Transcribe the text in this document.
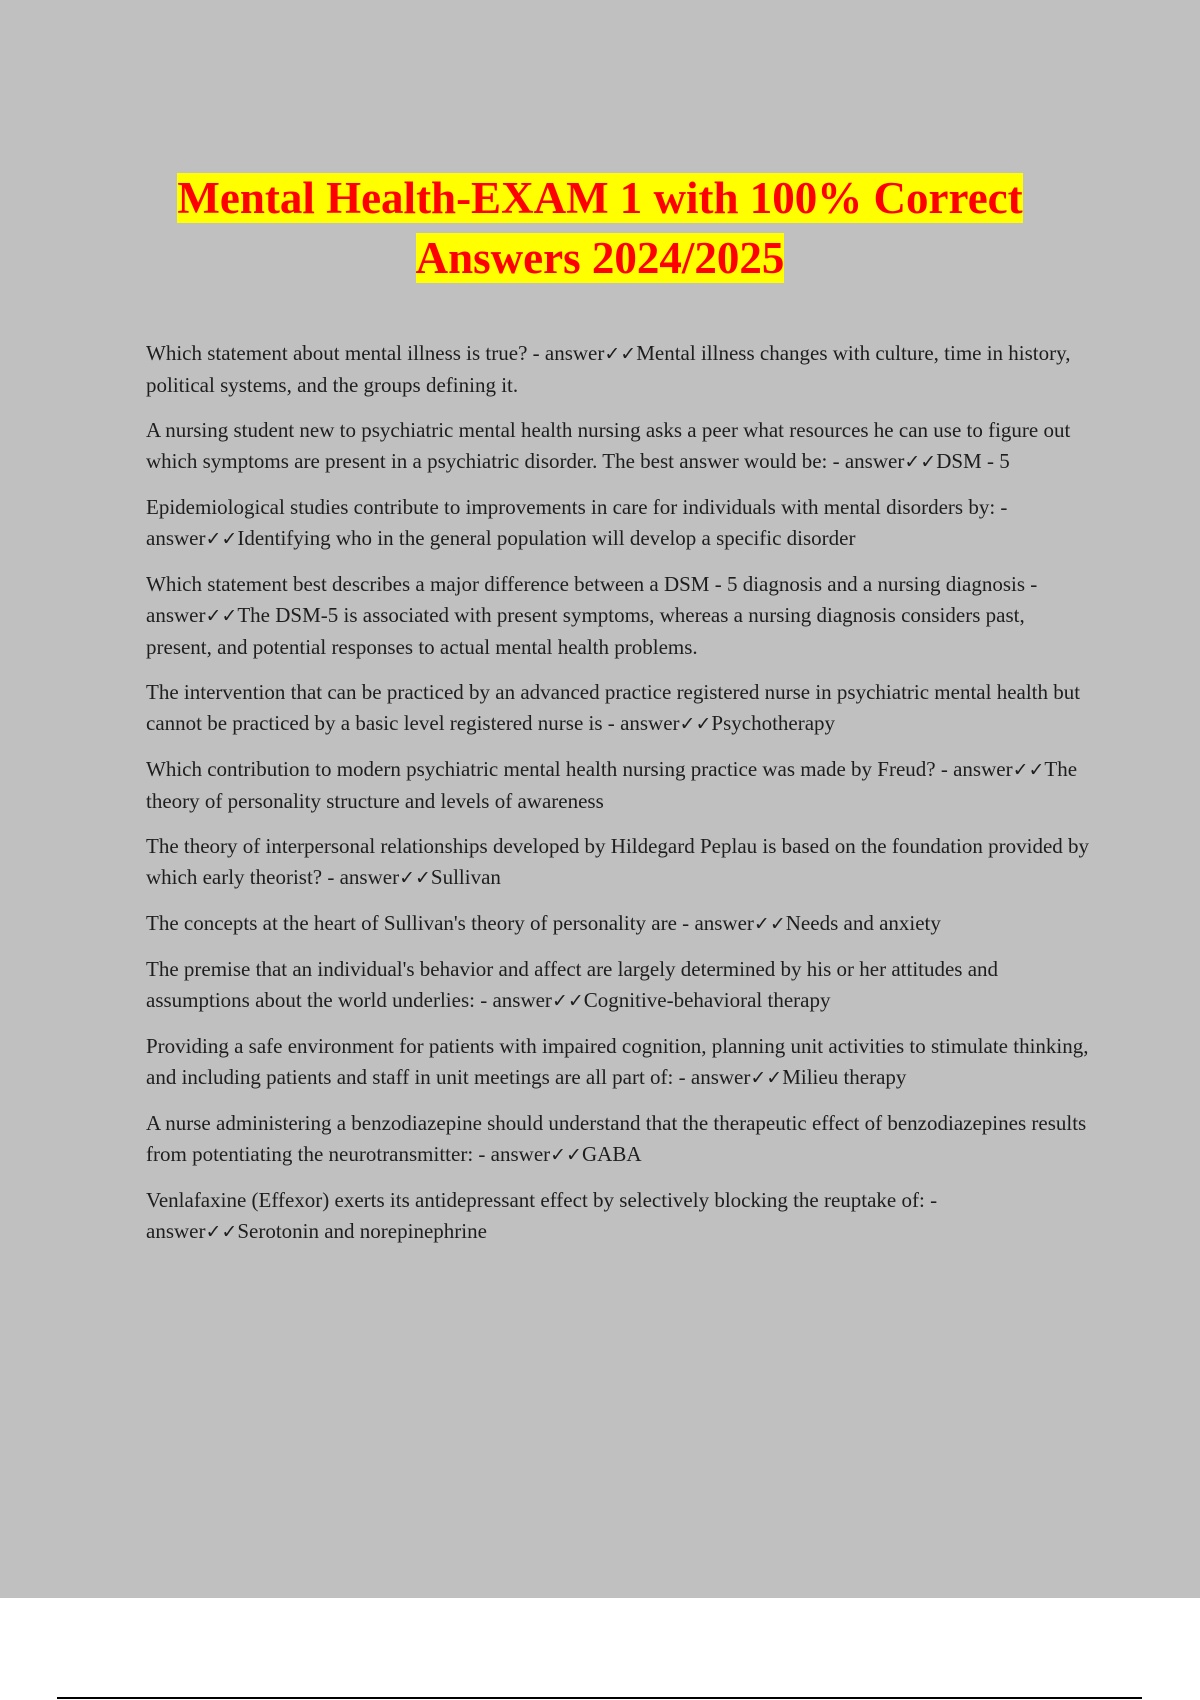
Mental Health-EXAM 1 with 100% Correct
Answers 2024/2025

Which statement about mental illness is true? - answer✓✓Mental illness changes with culture, time in history, political systems, and the groups defining it.

A nursing student new to psychiatric mental health nursing asks a peer what resources he can use to figure out which symptoms are present in a psychiatric disorder. The best answer would be: - answer✓✓DSM - 5

Epidemiological studies contribute to improvements in care for individuals with mental disorders by: - answer✓✓Identifying who in the general population will develop a specific disorder

Which statement best describes a major difference between a DSM - 5 diagnosis and a nursing diagnosis - answer✓✓The DSM-5 is associated with present symptoms, whereas a nursing diagnosis considers past, present, and potential responses to actual mental health problems.

The intervention that can be practiced by an advanced practice registered nurse in psychiatric mental health but cannot be practiced by a basic level registered nurse is - answer✓✓Psychotherapy

Which contribution to modern psychiatric mental health nursing practice was made by Freud? - answer✓✓The theory of personality structure and levels of awareness

The theory of interpersonal relationships developed by Hildegard Peplau is based on the foundation provided by which early theorist? - answer✓✓Sullivan

The concepts at the heart of Sullivan's theory of personality are - answer✓✓Needs and anxiety

The premise that an individual's behavior and affect are largely determined by his or her attitudes and assumptions about the world underlies: - answer✓✓Cognitive-behavioral therapy

Providing a safe environment for patients with impaired cognition, planning unit activities to stimulate thinking, and including patients and staff in unit meetings are all part of: - answer✓✓Milieu therapy

A nurse administering a benzodiazepine should understand that the therapeutic effect of benzodiazepines results from potentiating the neurotransmitter: - answer✓✓GABA

Venlafaxine (Effexor) exerts its antidepressant effect by selectively blocking the reuptake of: - answer✓✓Serotonin and norepinephrine
